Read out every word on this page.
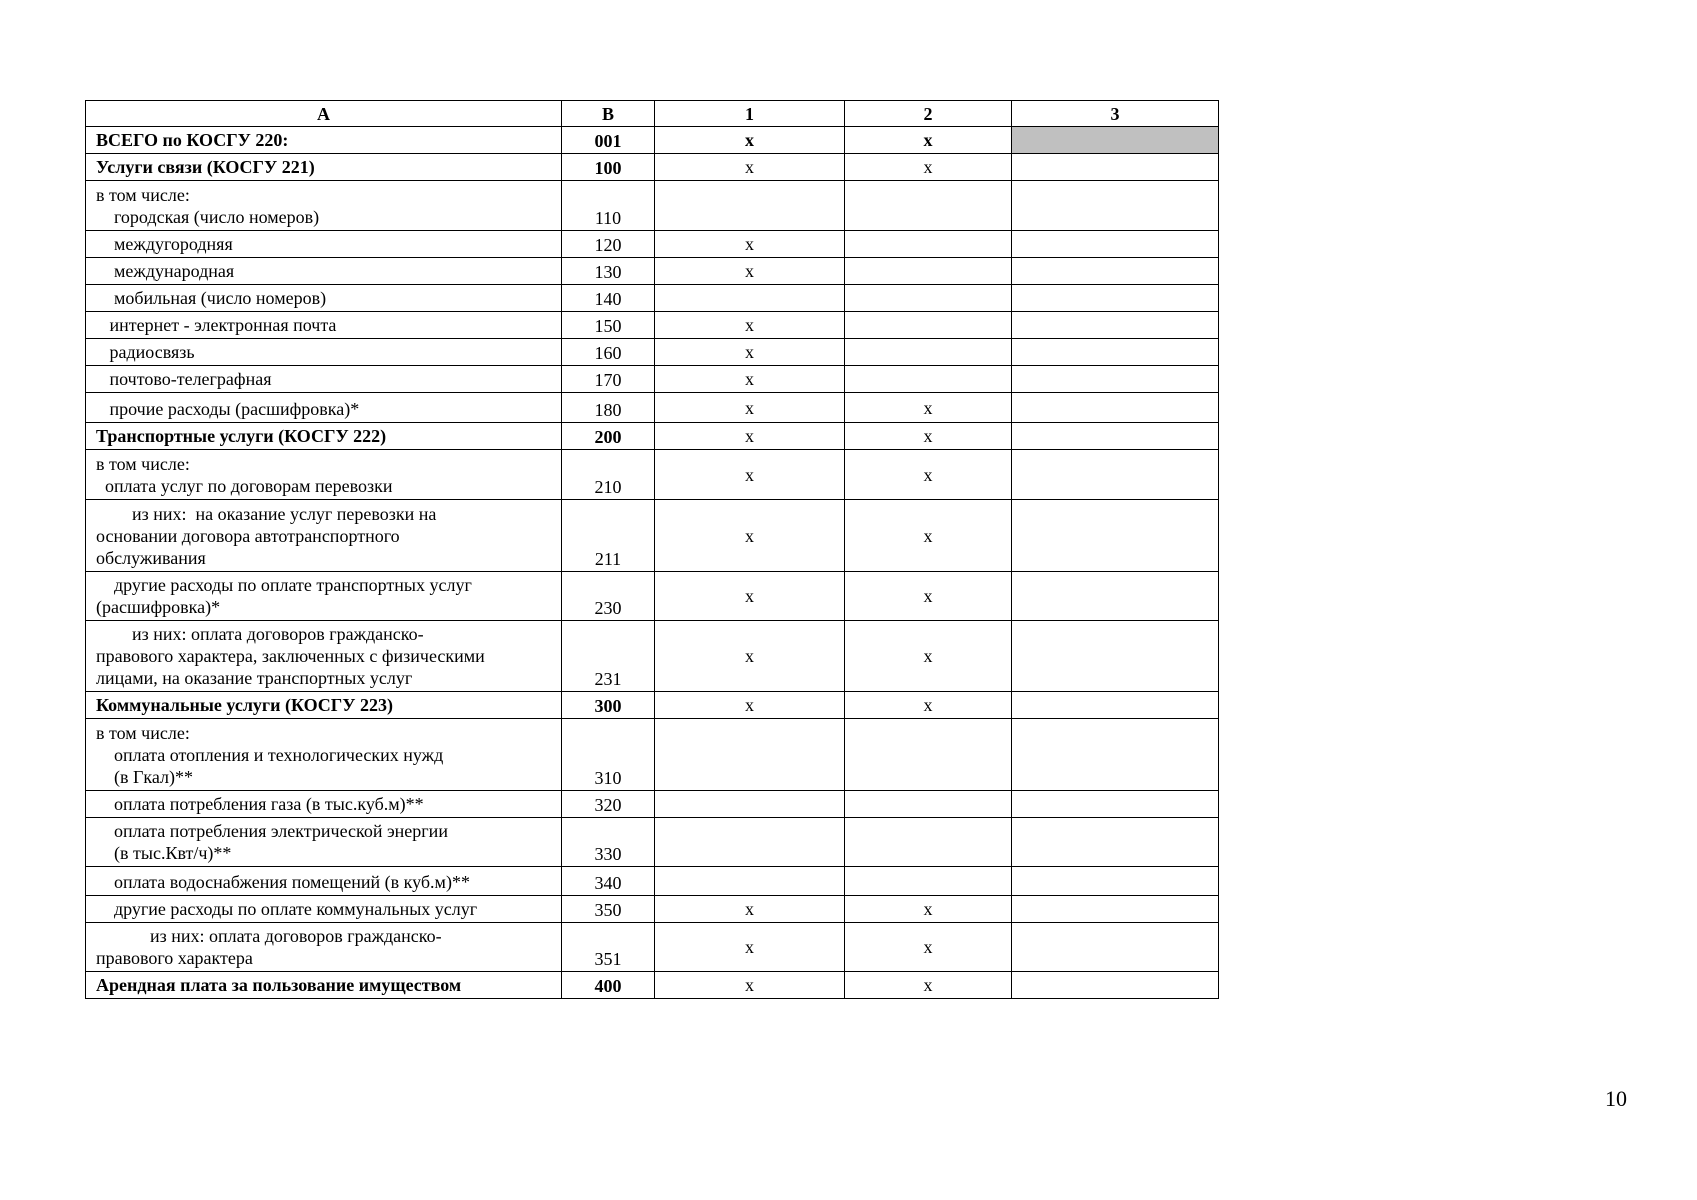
А	В	1	2	3
ВСЕГО по КОСГУ 220:	001	х	х	
Услуги связи (КОСГУ 221)	100	х	х	
в том числе:
городская (число номеров)	110			
междугородняя	120	х		
международная	130	х		
мобильная (число номеров)	140			
интернет - электронная почта	150	х		
радиосвязь	160	х		
почтово-телеграфная	170	х		
прочие расходы (расшифровка)*	180	х	х	
Транспортные услуги (КОСГУ 222)	200	х	х	
в том числе:
оплата услуг по договорам перевозки	210	х	х	
из них:  на оказание услуг перевозки на
основании договора автотранспортного
обслуживания	211	х	х	
другие расходы по оплате транспортных услуг
(расшифровка)*	230	х	х	
из них: оплата договоров гражданско-
правового характера, заключенных с физическими
лицами, на оказание транспортных услуг	231	х	х	
Коммунальные услуги (КОСГУ 223)	300	х	х	
в том числе:
оплата отопления и технологических нужд
(в Гкал)**	310			
оплата потребления газа (в тыс.куб.м)**	320			
оплата потребления электрической энергии
(в тыс.Квт/ч)**	330			
оплата водоснабжения помещений (в куб.м)**	340			
другие расходы по оплате коммунальных услуг	350	х	х	
из них: оплата договоров гражданско-
правового характера	351	х	х	
Арендная плата за пользование имуществом	400	х	х	
10
